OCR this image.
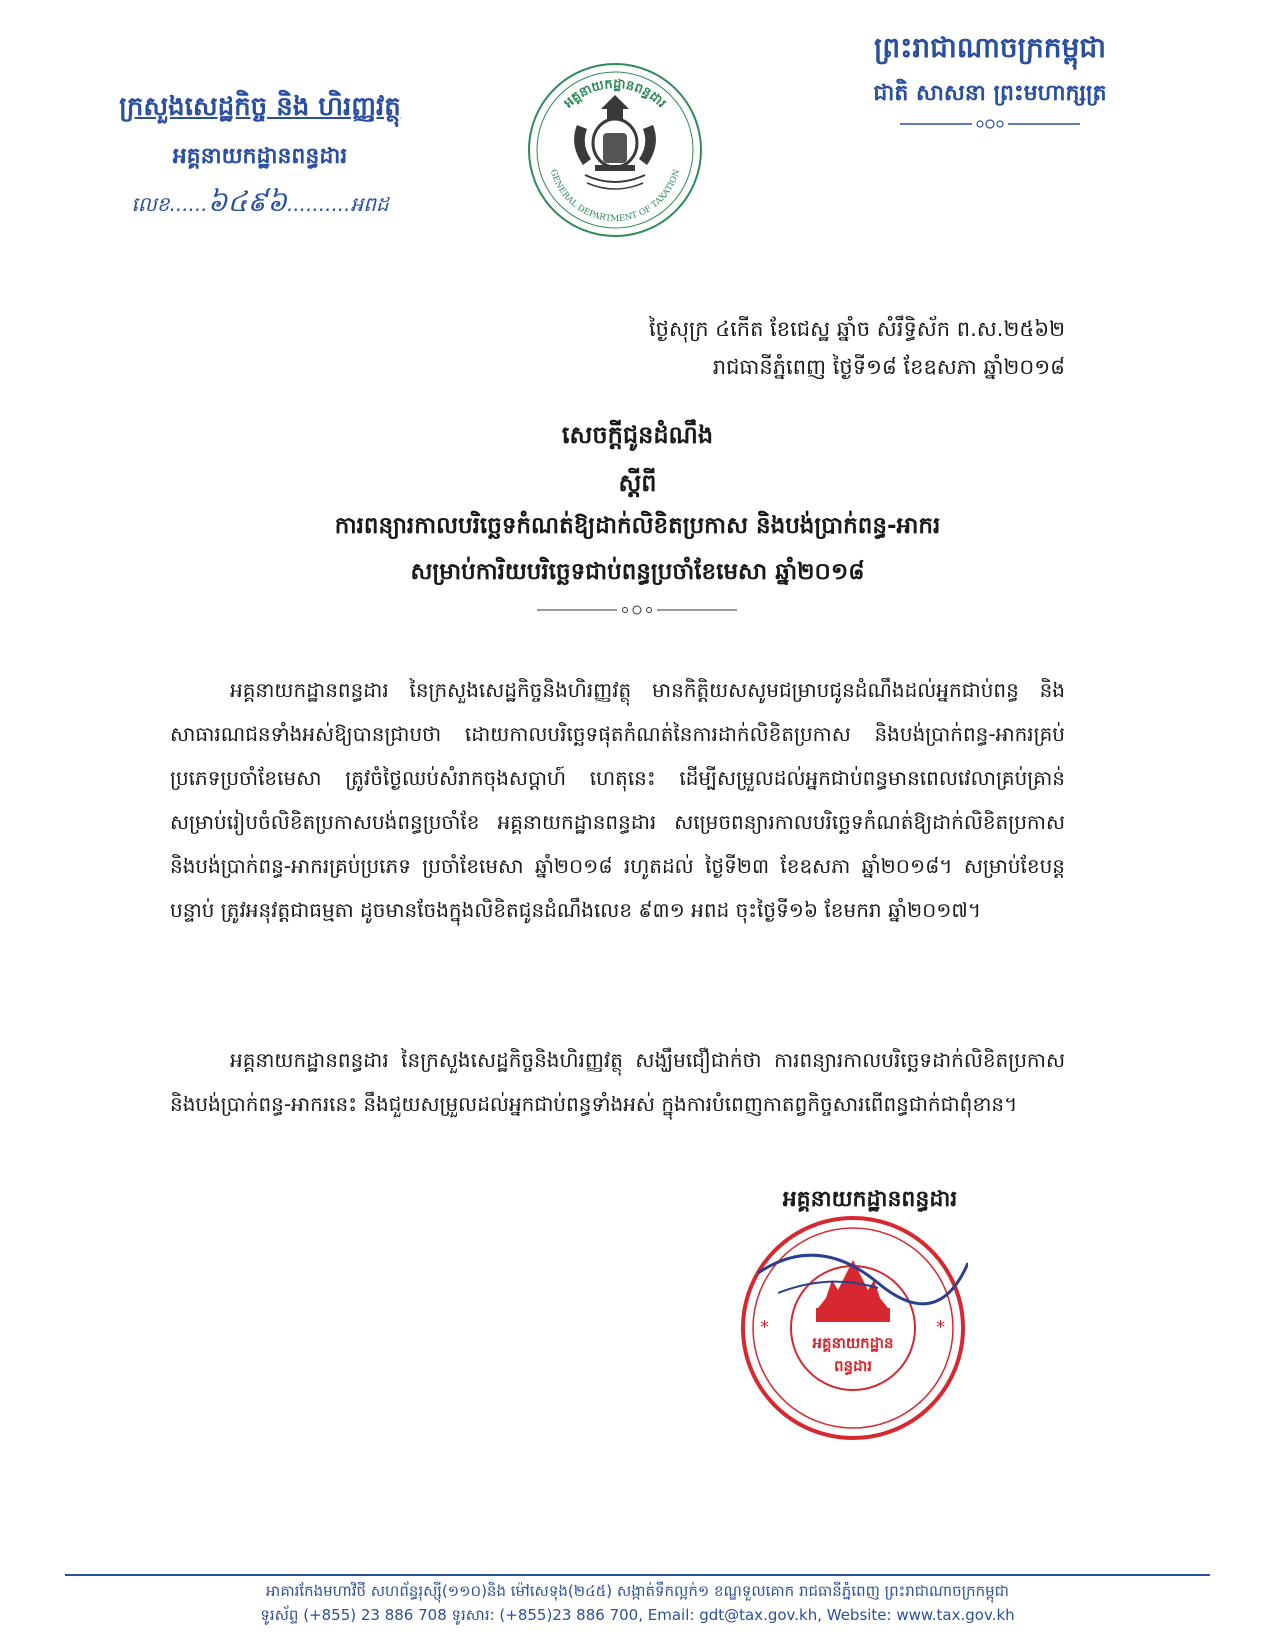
ក្រសួងសេដ្ឋកិច្ច និង ហិរញ្ញវត្ថុ
អគ្គនាយកដ្ឋានពន្ធដារ
លេខ......៦៤៩៦..........អពដ
ព្រះរាជាណាចក្រកម្ពុជា
ជាតិ សាសនា ព្រះមហាក្សត្រ
អគ្គនាយកដ្ឋានពន្ធដារ
GENERAL DEPARTMENT OF TAXATION
ថ្ងៃសុក្រ ៤កើត ខែជេស្ឋ ឆ្នាំច សំរឹទ្ធិស័ក ព.ស.២៥៦២
រាជធានីភ្នំពេញ ថ្ងៃទី១៨ ខែឧសភា ឆ្នាំ២០១៨
សេចក្តីជូនដំណឹង
ស្តីពី
ការពន្យារកាលបរិច្ឆេទកំណត់ឱ្យដាក់លិខិតប្រកាស និងបង់ប្រាក់ពន្ធ-អាករ
សម្រាប់ការិយបរិច្ឆេទជាប់ពន្ធប្រចាំខែមេសា ឆ្នាំ២០១៨
អគ្គនាយកដ្ឋានពន្ធដារ នៃក្រសួងសេដ្ឋកិច្ចនិងហិរញ្ញវត្ថុ មានកិត្តិយសសូមជម្រាបជូនដំណឹងដល់អ្នកជាប់ពន្ធ និងសាធារណជនទាំងអស់ឱ្យបានជ្រាបថា ដោយកាលបរិច្ឆេទផុតកំណត់នៃការដាក់លិខិតប្រកាស និងបង់ប្រាក់ពន្ធ-អាករគ្រប់ប្រភេទប្រចាំខែមេសា ត្រូវចំថ្ងៃឈប់សំរាកចុងសប្តាហ៍ ហេតុនេះ ដើម្បីសម្រួលដល់អ្នកជាប់ពន្ធមានពេលវេលាគ្រប់គ្រាន់សម្រាប់រៀបចំលិខិតប្រកាសបង់ពន្ធប្រចាំខែ អគ្គនាយកដ្ឋានពន្ធដារ សម្រេចពន្យារកាលបរិច្ឆេទកំណត់ឱ្យដាក់លិខិតប្រកាស និងបង់ប្រាក់ពន្ធ-អាករគ្រប់ប្រភេទ ប្រចាំខែមេសា ឆ្នាំ២០១៨ រហូតដល់ ថ្ងៃទី២៣ ខែឧសភា ឆ្នាំ២០១៨។ សម្រាប់ខែបន្តបន្ទាប់ ត្រូវអនុវត្តជាធម្មតា ដូចមានចែងក្នុងលិខិតជូនដំណឹងលេខ ៩៣១ អពដ ចុះថ្ងៃទី១៦ ខែមករា ឆ្នាំ២០១៧។
អគ្គនាយកដ្ឋានពន្ធដារ នៃក្រសួងសេដ្ឋកិច្ចនិងហិរញ្ញវត្ថុ សង្ឃឹមជឿជាក់ថា ការពន្យារកាលបរិច្ឆេទដាក់លិខិតប្រកាស និងបង់ប្រាក់ពន្ធ-អាករនេះ នឹងជួយសម្រួលដល់អ្នកជាប់ពន្ធទាំងអស់ ក្នុងការបំពេញកាតព្វកិច្ចសារពើពន្ធជាក់ជាពុំខាន។
អគ្គនាយកដ្ឋានពន្ធដារ
អគ្គនាយកដ្ឋាន
ពន្ធដារ
*	*
អាគារកែងមហាវិថី សហព័ន្ធរុស្ស៊ី(១១០)និង ម៉ៅសេទុង(២៤៥) សង្កាត់ទឹកល្អក់១ ខណ្ឌទួលគោក រាជធានីភ្នំពេញ ព្រះរាជាណាចក្រកម្ពុជា
ទូរស័ព្ទ (+855) 23 886 708 ទូរសារ: (+855)23 886 700, Email: gdt@tax.gov.kh, Website: www.tax.gov.kh
